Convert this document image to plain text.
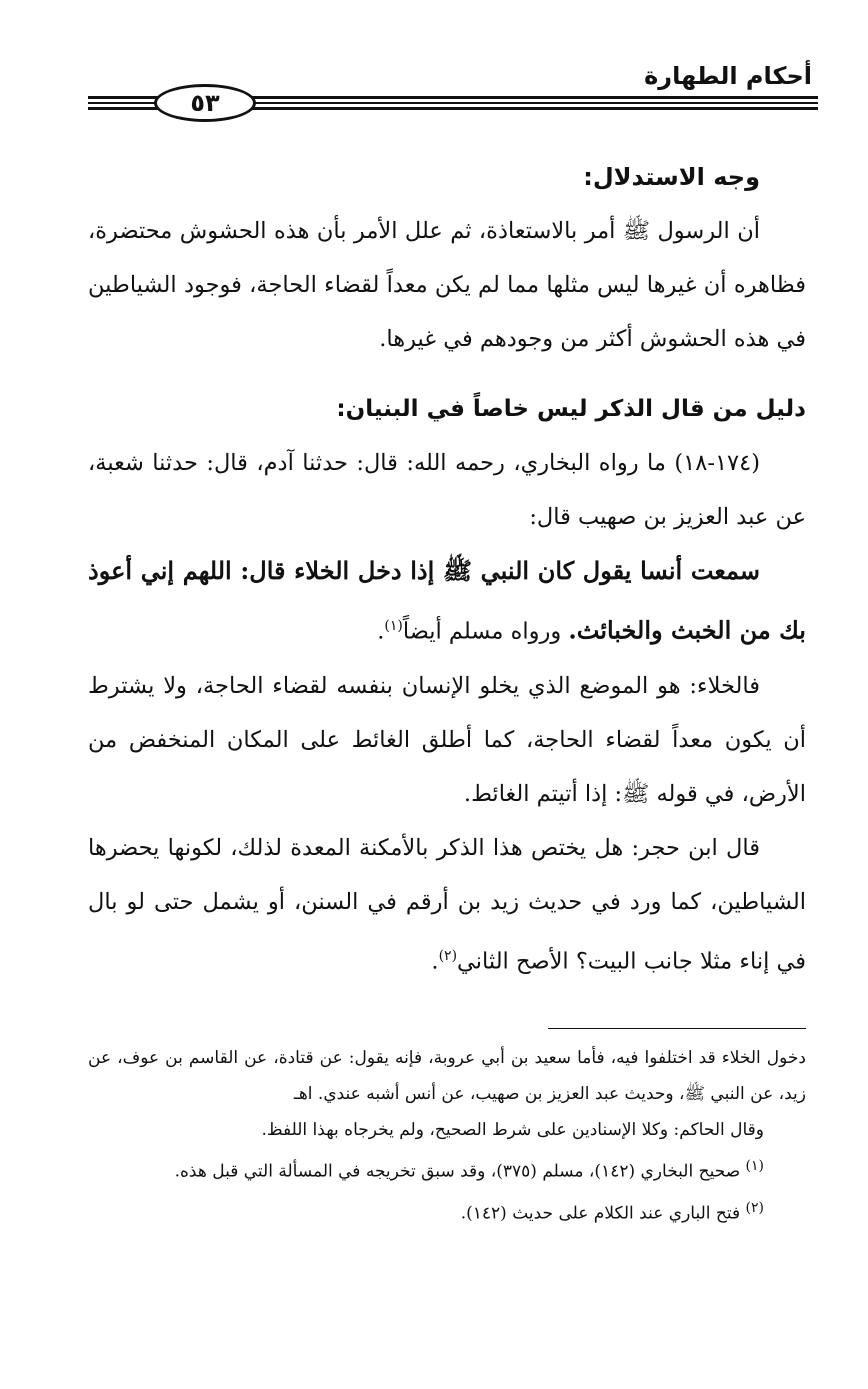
أحكام الطهارة
٥٣

وجه الاستدلال:

أن الرسول ﷺ أمر بالاستعاذة، ثم علل الأمر بأن هذه الحشوش محتضرة، فظاهره أن غيرها ليس مثلها مما لم يكن معداً لقضاء الحاجة، فوجود الشياطين في هذه الحشوش أكثر من وجودهم في غيرها.

دليل من قال الذكر ليس خاصاً في البنيان:

(١٧٤-١٨) ما رواه البخاري، رحمه الله: قال: حدثنا آدم، قال: حدثنا شعبة، عن عبد العزيز بن صهيب قال:

سمعت أنسا يقول كان النبي ﷺ إذا دخل الخلاء قال: اللهم إني أعوذ بك من الخبث والخبائث. ورواه مسلم أيضاً$^{(١)}$.

فالخلاء: هو الموضع الذي يخلو الإنسان بنفسه لقضاء الحاجة، ولا يشترط أن يكون معداً لقضاء الحاجة، كما أطلق الغائط على المكان المنخفض من الأرض، في قوله ﷺ: إذا أتيتم الغائط.

قال ابن حجر: هل يختص هذا الذكر بالأمكنة المعدة لذلك، لكونها يحضرها الشياطين، كما ورد في حديث زيد بن أرقم في السنن، أو يشمل حتى لو بال في إناء مثلا جانب البيت؟ الأصح الثاني$^{(٢)}$.

دخول الخلاء قد اختلفوا فيه، فأما سعيد بن أبي عروبة، فإنه يقول: عن قتادة، عن القاسم بن عوف، عن زيد، عن النبي ﷺ، وحديث عبد العزيز بن صهيب، عن أنس أشبه عندي. اهـ

وقال الحاكم: وكلا الإسنادين على شرط الصحيح، ولم يخرجاه بهذا اللفظ.

$^{(١)}$ صحيح البخاري (١٤٢)، مسلم (٣٧٥)، وقد سبق تخريجه في المسألة التي قبل هذه.

$^{(٢)}$ فتح الباري عند الكلام على حديث (١٤٢).
